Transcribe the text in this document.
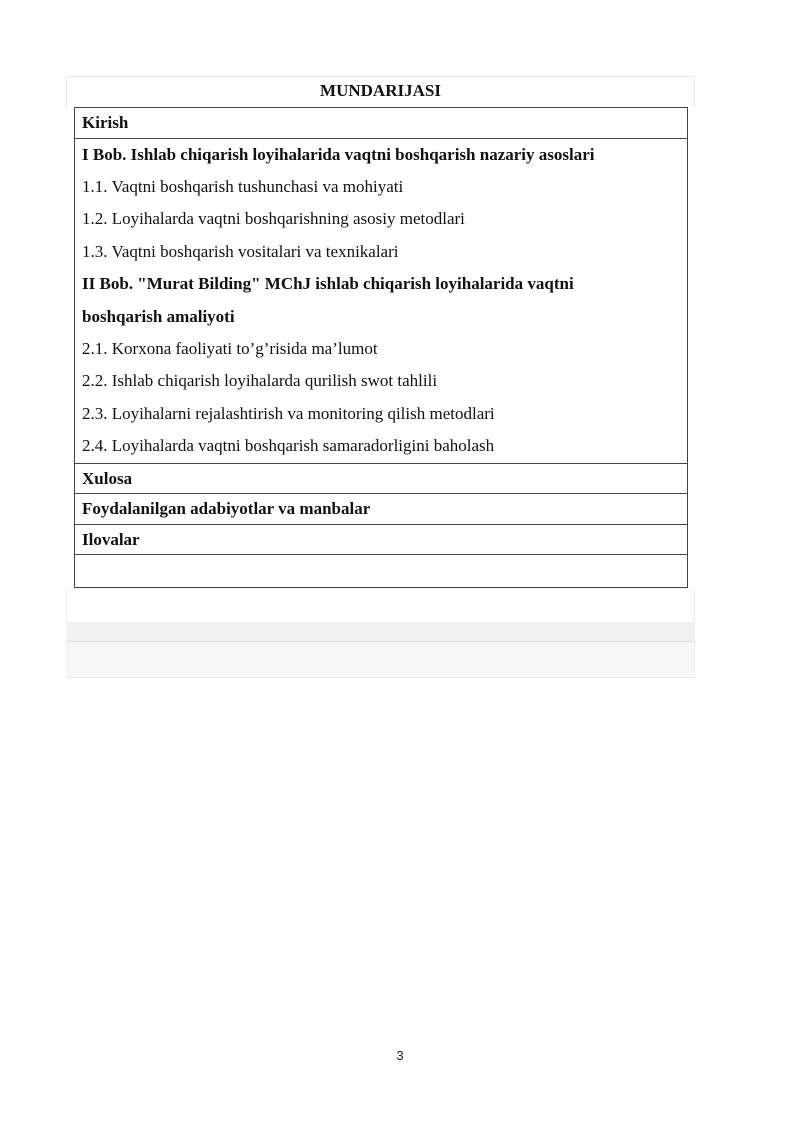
MUNDARIJASI
Kirish
I Bob. Ishlab chiqarish loyihalarida vaqtni boshqarish nazariy asoslari
1.1. Vaqtni boshqarish tushunchasi va mohiyati
1.2. Loyihalarda vaqtni boshqarishning asosiy metodlari
1.3. Vaqtni boshqarish vositalari va texnikalari
II Bob. "Murat Bilding" MChJ ishlab chiqarish loyihalarida vaqtni
boshqarish amaliyoti
2.1. Korxona faoliyati to’g’risida ma’lumot
2.2. Ishlab chiqarish loyihalarda qurilish swot tahlili
2.3. Loyihalarni rejalashtirish va monitoring qilish metodlari
2.4. Loyihalarda vaqtni boshqarish samaradorligini baholash
Xulosa
Foydalanilgan adabiyotlar va manbalar
Ilovalar
3
